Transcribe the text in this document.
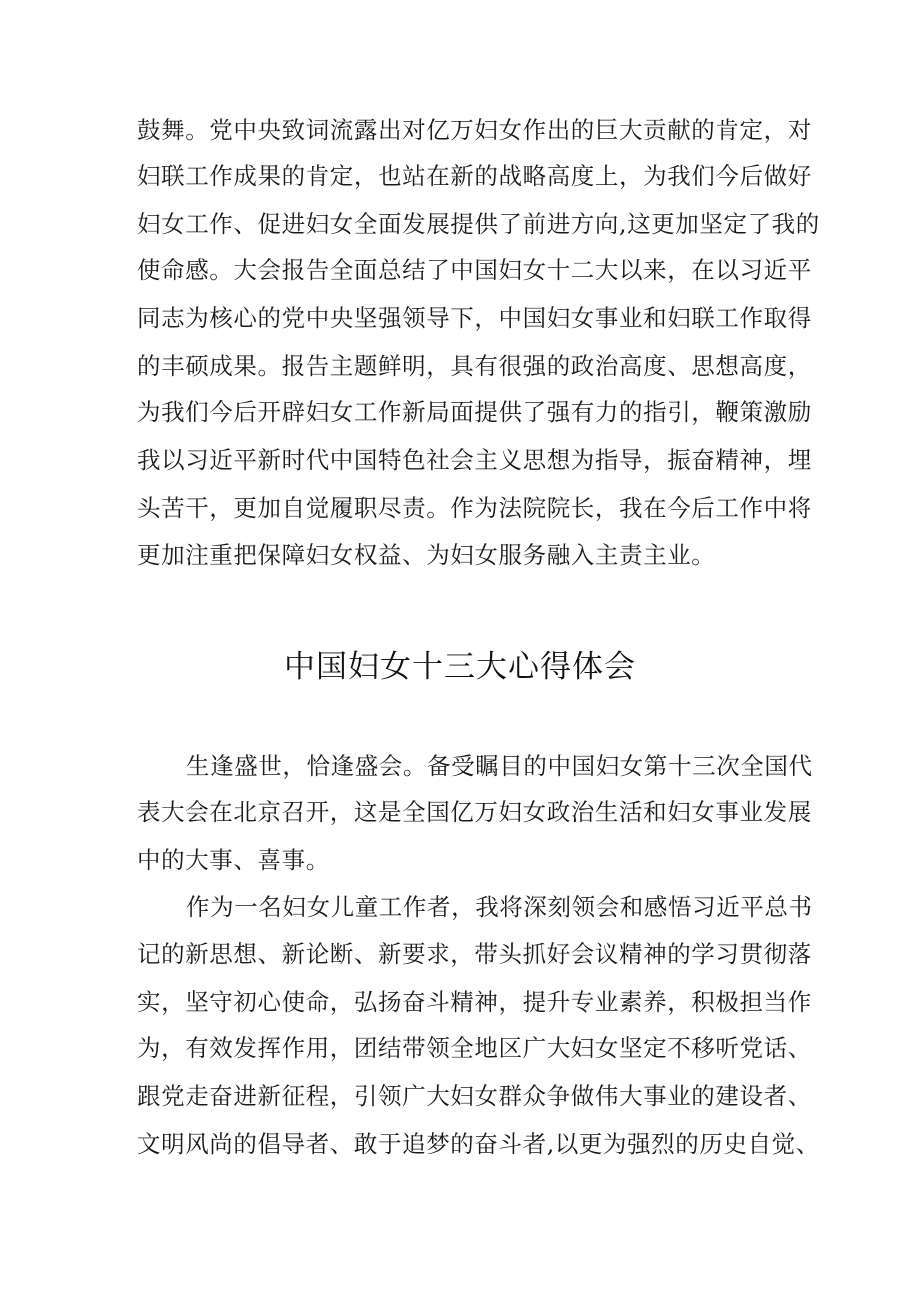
鼓舞。党中央致词流露出对亿万妇女作出的巨大贡献的肯定，对
妇联工作成果的肯定，也站在新的战略高度上，为我们今后做好
妇女工作、促进妇女全面发展提供了前进方向,这更加坚定了我的
使命感。大会报告全面总结了中国妇女十二大以来，在以习近平
同志为核心的党中央坚强领导下，中国妇女事业和妇联工作取得
的丰硕成果。报告主题鲜明，具有很强的政治高度、思想高度，
为我们今后开辟妇女工作新局面提供了强有力的指引，鞭策激励
我以习近平新时代中国特色社会主义思想为指导，振奋精神，埋
头苦干，更加自觉履职尽责。作为法院院长，我在今后工作中将
更加注重把保障妇女权益、为妇女服务融入主责主业。
中国妇女十三大心得体会
生逢盛世，恰逢盛会。备受瞩目的中国妇女第十三次全国代
表大会在北京召开，这是全国亿万妇女政治生活和妇女事业发展
中的大事、喜事。
作为一名妇女儿童工作者，我将深刻领会和感悟习近平总书
记的新思想、新论断、新要求，带头抓好会议精神的学习贯彻落
实，坚守初心使命，弘扬奋斗精神，提升专业素养，积极担当作
为，有效发挥作用，团结带领全地区广大妇女坚定不移听党话、
跟党走奋进新征程，引领广大妇女群众争做伟大事业的建设者、
文明风尚的倡导者、敢于追梦的奋斗者,以更为强烈的历史自觉、
